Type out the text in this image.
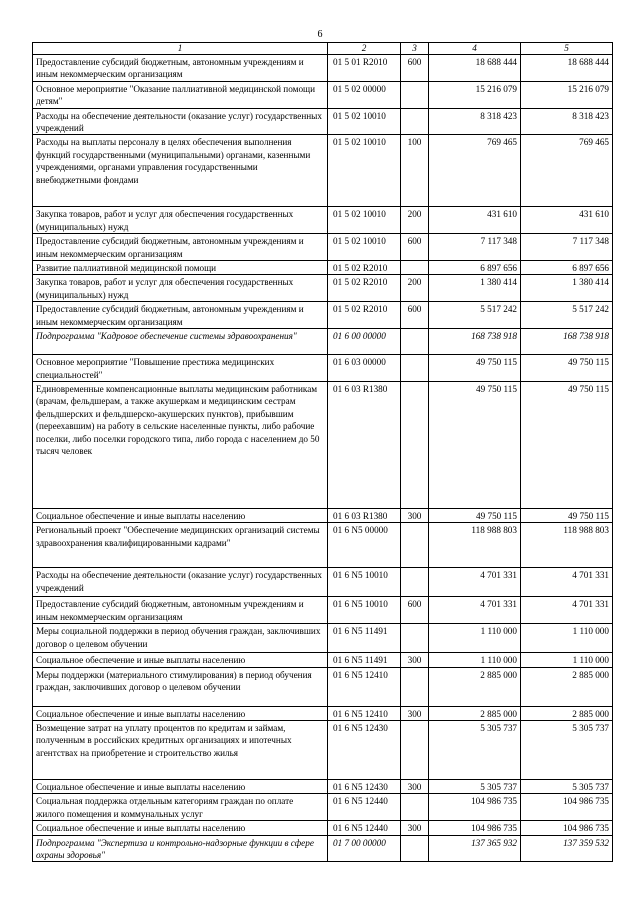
6
1	2	3	4	5
Предоставление субсидий бюджетным, автономным учреждениям и иным некоммерческим организациям	01 5 01 R2010	600	18 688 444	18 688 444
Основное мероприятие "Оказание паллиативной медицинской помощи детям"	01 5 02 00000		15 216 079	15 216 079
Расходы на обеспечение деятельности (оказание услуг) государственных учреждений	01 5 02 10010		8 318 423	8 318 423
Расходы на выплаты персоналу в целях обеспечения выполнения функций государственными (муниципальными) органами, казенными учреждениями, органами управления государственными внебюджетными фондами	01 5 02 10010	100	769 465	769 465
Закупка товаров, работ и услуг для обеспечения государственных (муниципальных) нужд	01 5 02 10010	200	431 610	431 610
Предоставление субсидий бюджетным, автономным учреждениям и иным некоммерческим организациям	01 5 02 10010	600	7 117 348	7 117 348
Развитие паллиативной медицинской помощи	01 5 02 R2010		6 897 656	6 897 656
Закупка товаров, работ и услуг для обеспечения государственных (муниципальных) нужд	01 5 02 R2010	200	1 380 414	1 380 414
Предоставление субсидий бюджетным, автономным учреждениям и иным некоммерческим организациям	01 5 02 R2010	600	5 517 242	5 517 242
Подпрограмма "Кадровое обеспечение системы здравоохранения"	01 6 00 00000		168 738 918	168 738 918
Основное мероприятие "Повышение престижа медицинских специальностей"	01 6 03 00000		49 750 115	49 750 115
Единовременные компенсационные выплаты медицинским работникам (врачам, фельдшерам, а также акушеркам и медицинским сестрам фельдшерских и фельдшерско-акушерских пунктов), прибывшим (переехавшим) на работу в сельские населенные пункты, либо рабочие поселки, либо поселки городского типа, либо города с населением до 50 тысяч человек	01 6 03 R1380		49 750 115	49 750 115
Социальное обеспечение и иные выплаты населению	01 6 03 R1380	300	49 750 115	49 750 115
Региональный проект "Обеспечение медицинских организаций системы здравоохранения квалифицированными кадрами"	01 6 N5 00000		118 988 803	118 988 803
Расходы на обеспечение деятельности (оказание услуг) государственных учреждений	01 6 N5 10010		4 701 331	4 701 331
Предоставление субсидий бюджетным, автономным учреждениям и иным некоммерческим организациям	01 6 N5 10010	600	4 701 331	4 701 331
Меры социальной поддержки в период обучения граждан, заключивших договор о целевом обучении	01 6 N5 11491		1 110 000	1 110 000
Социальное обеспечение и иные выплаты населению	01 6 N5 11491	300	1 110 000	1 110 000
Меры поддержки (материального стимулирования) в период обучения граждан, заключивших договор о целевом обучении	01 6 N5 12410		2 885 000	2 885 000
Социальное обеспечение и иные выплаты населению	01 6 N5 12410	300	2 885 000	2 885 000
Возмещение затрат на уплату процентов по кредитам и займам, полученным в российских кредитных организациях и ипотечных агентствах на приобретение и строительство жилья	01 6 N5 12430		5 305 737	5 305 737
Социальное обеспечение и иные выплаты населению	01 6 N5 12430	300	5 305 737	5 305 737
Социальная поддержка отдельным категориям граждан по оплате жилого помещения и коммунальных услуг	01 6 N5 12440		104 986 735	104 986 735
Социальное обеспечение и иные выплаты населению	01 6 N5 12440	300	104 986 735	104 986 735
Подпрограмма "Экспертиза и контрольно-надзорные функции в сфере охраны здоровья"	01 7 00 00000		137 365 932	137 359 532
